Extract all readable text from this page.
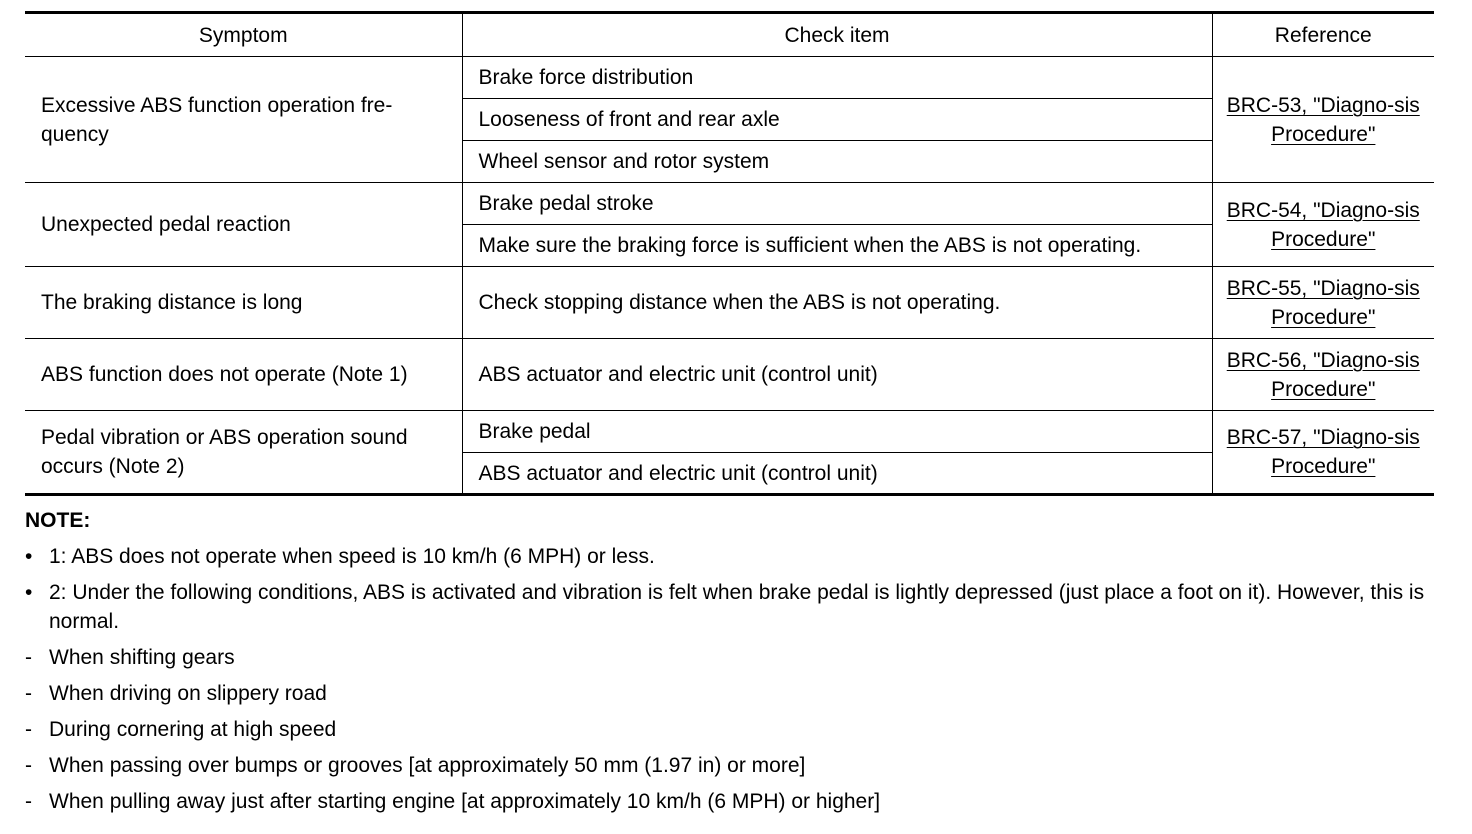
Symptom	Check item	Reference
Excessive ABS function operation fre-quency	Brake force distribution	BRC-53, "Diagno-sis Procedure"
	Looseness of front and rear axle	
	Wheel sensor and rotor system	
Unexpected pedal reaction	Brake pedal stroke	BRC-54, "Diagno-sis Procedure"
	Make sure the braking force is sufficient when the ABS is not operating.	
The braking distance is long	Check stopping distance when the ABS is not operating.	BRC-55, "Diagno-sis Procedure"
ABS function does not operate (Note 1)	ABS actuator and electric unit (control unit)	BRC-56, "Diagno-sis Procedure"
Pedal vibration or ABS operation sound occurs (Note 2)	Brake pedal	BRC-57, "Diagno-sis Procedure"
	ABS actuator and electric unit (control unit)	
NOTE:
• 1: ABS does not operate when speed is 10 km/h (6 MPH) or less.
• 2: Under the following conditions, ABS is activated and vibration is felt when brake pedal is lightly depressed (just place a foot on it). However, this is normal.
- When shifting gears
- When driving on slippery road
- During cornering at high speed
- When passing over bumps or grooves [at approximately 50 mm (1.97 in) or more]
- When pulling away just after starting engine [at approximately 10 km/h (6 MPH) or higher]
